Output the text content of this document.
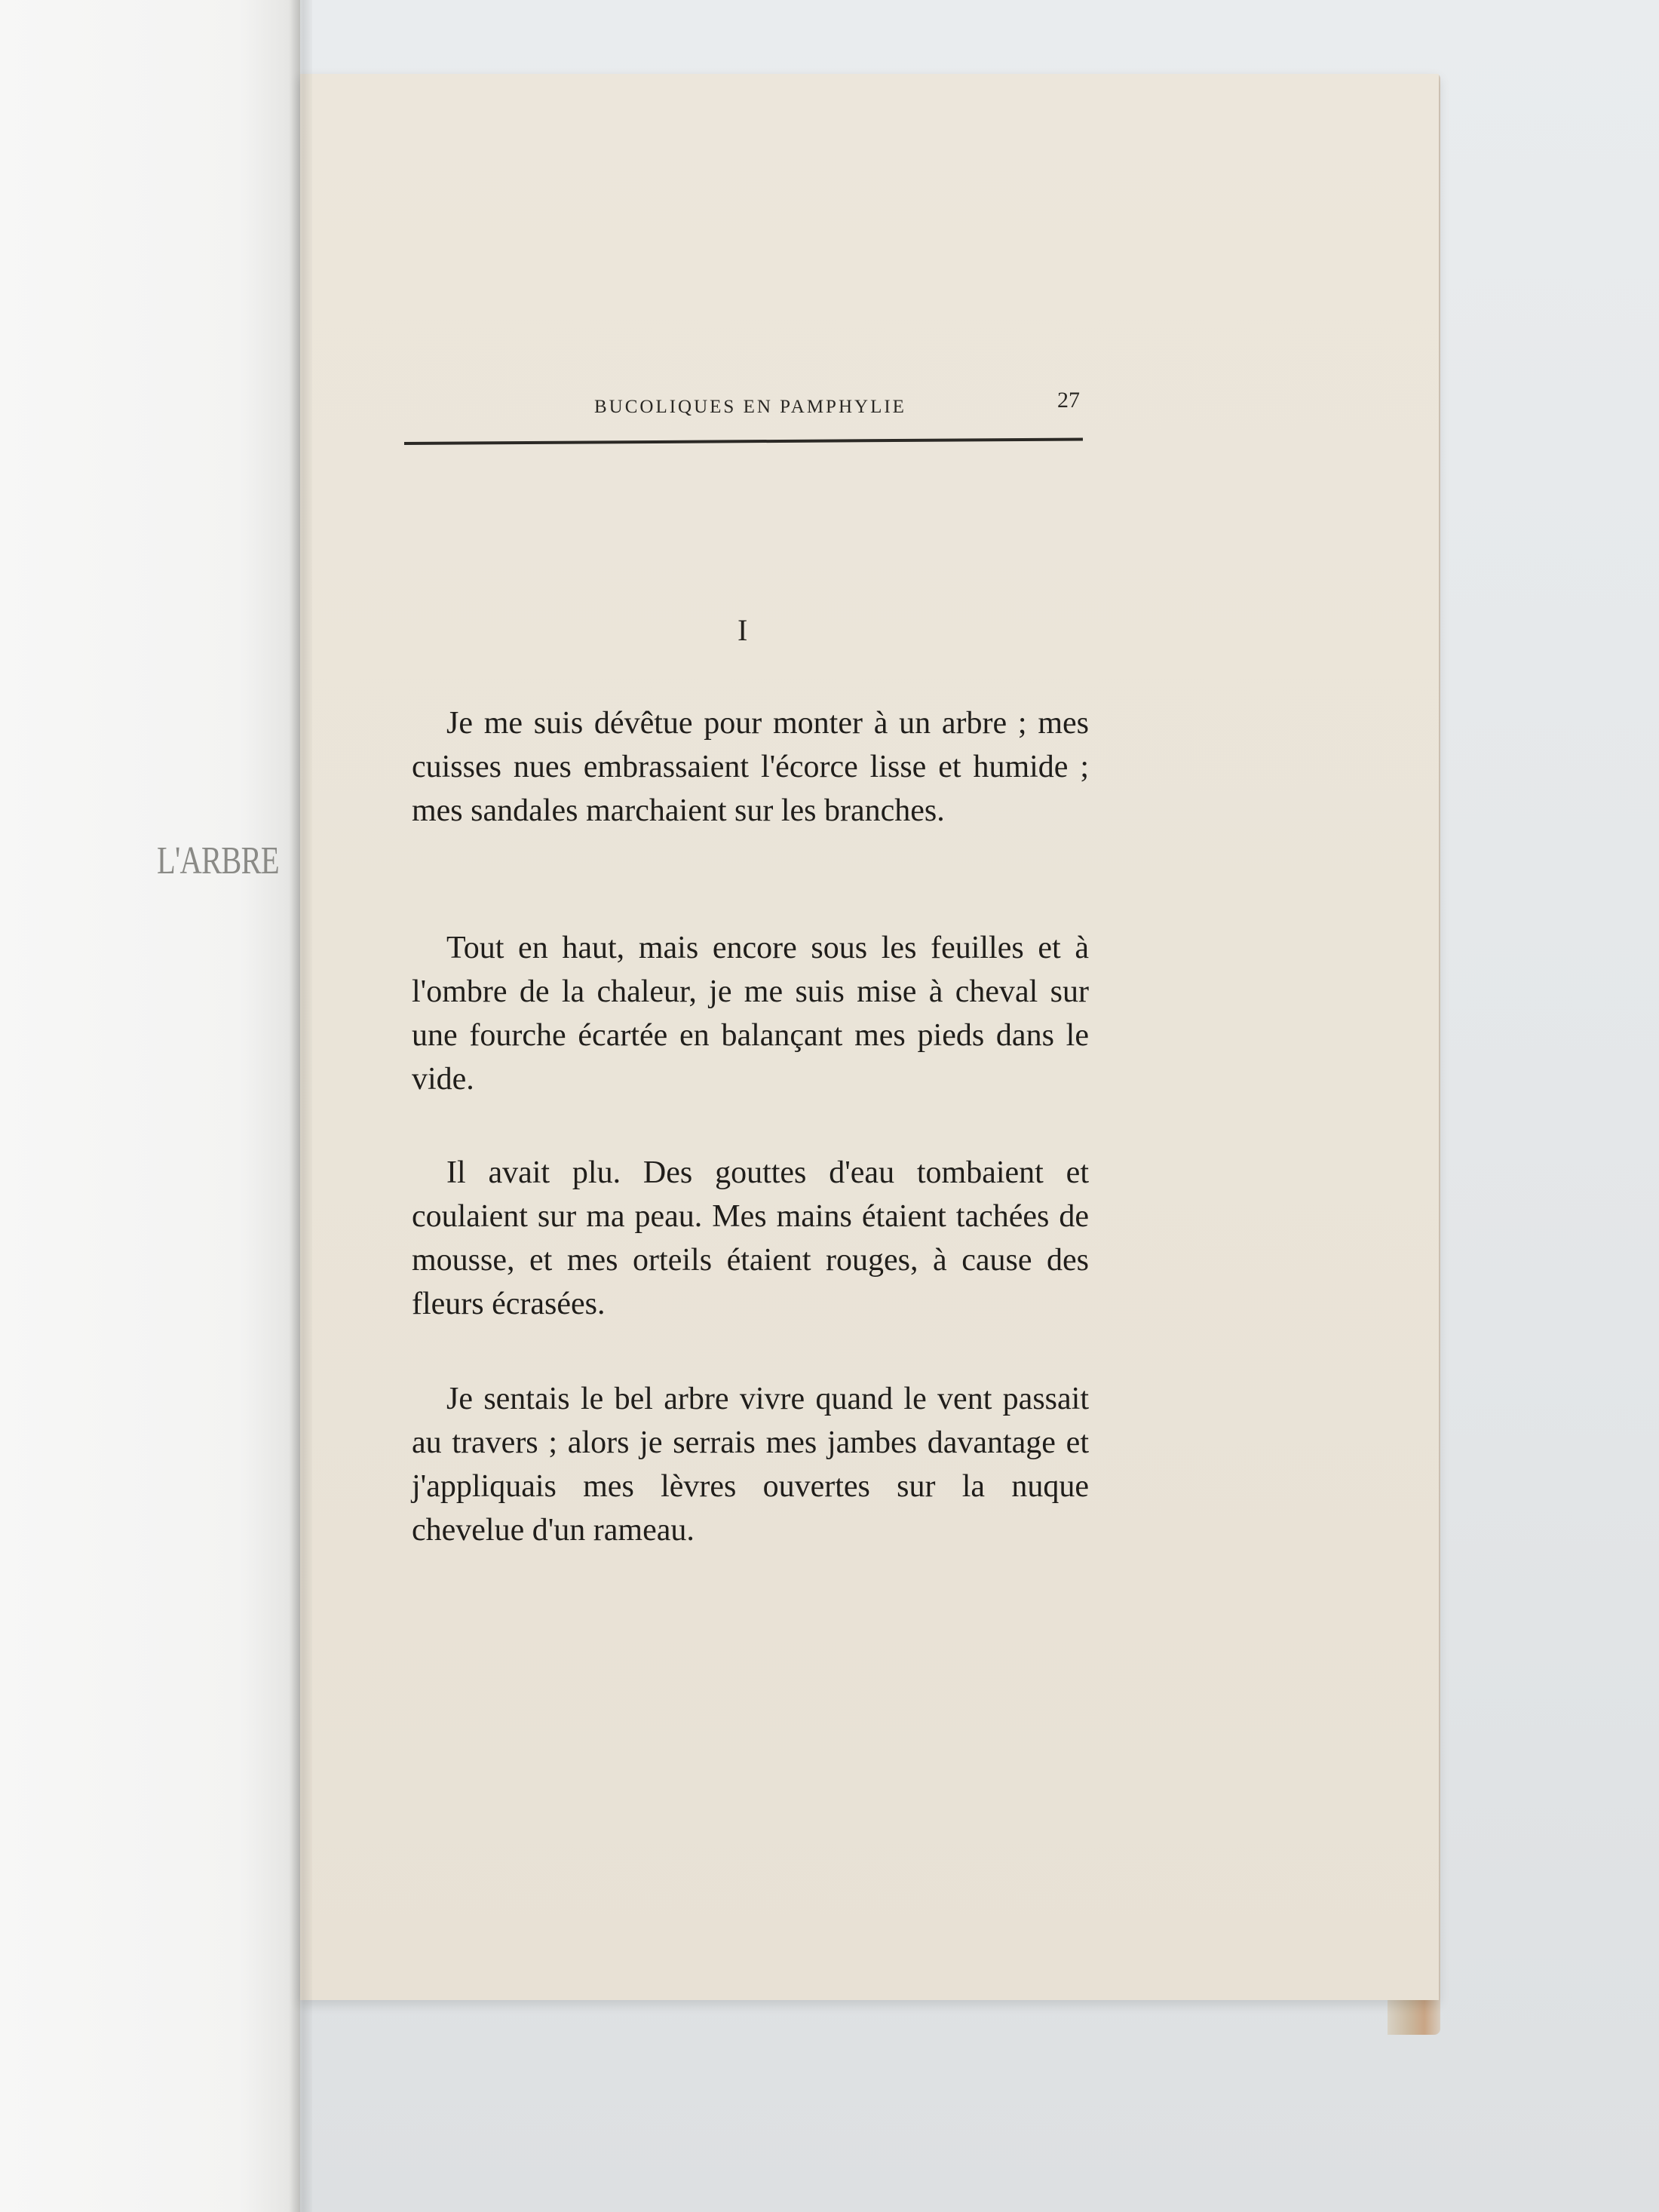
L'ARBRE
BUCOLIQUES EN PAMPHYLIE	27
I

Je me suis dévêtue pour monter à un arbre ; mes cuisses nues embrassaient l'écorce lisse et humide ; mes sandales marchaient sur les branches.

Tout en haut, mais encore sous les feuilles et à l'ombre de la chaleur, je me suis mise à cheval sur une fourche écartée en balançant mes pieds dans le vide.

Il avait plu. Des gouttes d'eau tombaient et coulaient sur ma peau. Mes mains étaient tachées de mousse, et mes orteils étaient rouges, à cause des fleurs écrasées.

Je sentais le bel arbre vivre quand le vent passait au travers ; alors je serrais mes jambes davantage et j'appliquais mes lèvres ouvertes sur la nuque chevelue d'un rameau.
